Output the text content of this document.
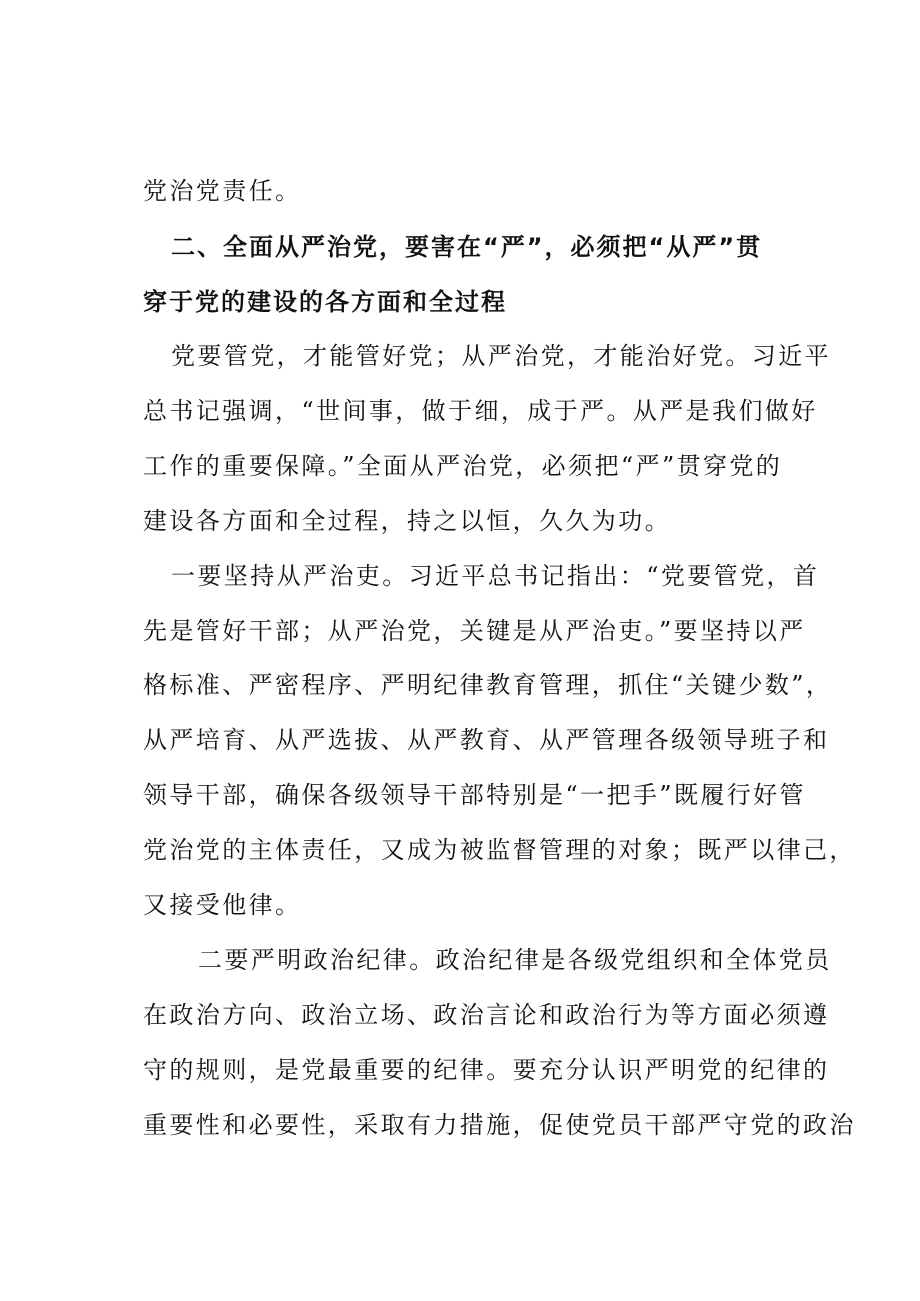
党治党责任。
二、全面从严治党，要害在“严”，必须把“从严”贯
穿于党的建设的各方面和全过程
党要管党，才能管好党；从严治党，才能治好党。习近平
总书记强调，“世间事，做于细，成于严。从严是我们做好
工作的重要保障。”全面从严治党，必须把“严”贯穿党的
建设各方面和全过程，持之以恒，久久为功。
一要坚持从严治吏。习近平总书记指出：“党要管党，首
先是管好干部；从严治党，关键是从严治吏。”要坚持以严
格标准、严密程序、严明纪律教育管理，抓住“关键少数”，
从严培育、从严选拔、从严教育、从严管理各级领导班子和
领导干部，确保各级领导干部特别是“一把手”既履行好管
党治党的主体责任，又成为被监督管理的对象；既严以律己，
又接受他律。
二要严明政治纪律。政治纪律是各级党组织和全体党员
在政治方向、政治立场、政治言论和政治行为等方面必须遵
守的规则，是党最重要的纪律。要充分认识严明党的纪律的
重要性和必要性，采取有力措施，促使党员干部严守党的政治
